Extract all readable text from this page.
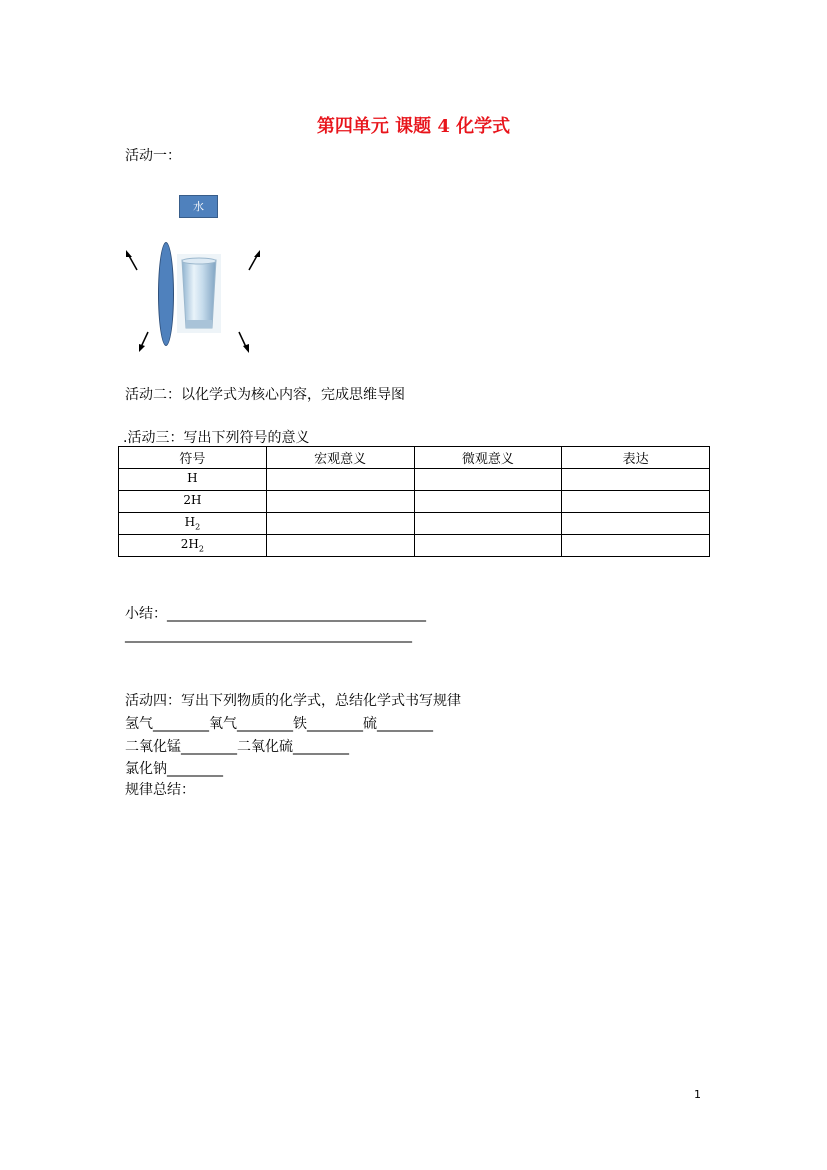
第四单元 课题 4 化学式
活动一：
水
活动二：以化学式为核心内容，完成思维导图
.活动三：写出下列符号的意义
符号	宏观意义	微观意义	表达
H			
2H			
$H_2$			
$2H_2$			
小结：_____________________________________
_________________________________________
活动四：写出下列物质的化学式，总结化学式书写规律
氢气________氧气________铁________硫________
二氧化锰________二氧化硫________
氯化钠________
规律总结：
1
